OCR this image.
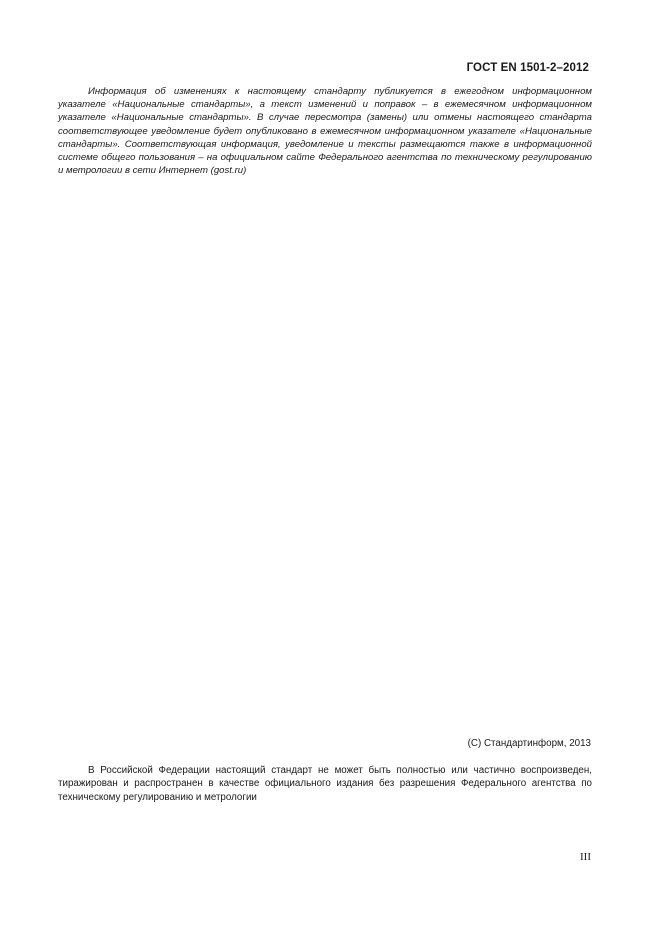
ГОСТ EN 1501-2–2012

Информация об изменениях к настоящему стандарту публикуется в ежегодном информационном указателе «Национальные стандарты», а текст изменений и поправок – в ежемесячном информационном указателе «Национальные стандарты». В случае пересмотра (замены) или отмены настоящего стандарта соответствующее уведомление будет опубликовано в ежемесячном информационном указателе «Национальные стандарты». Соответствующая информация, уведомление и тексты размещаются также в информационной системе общего пользования – на официальном сайте Федерального агентства по техническому регулированию и метрологии в сети Интернет (gost.ru)

(С) Стандартинформ, 2013

В Российской Федерации настоящий стандарт не может быть полностью или частично воспроизведен, тиражирован и распространен в качестве официального издания без разрешения Федерального агентства по техническому регулированию и метрологии

III
